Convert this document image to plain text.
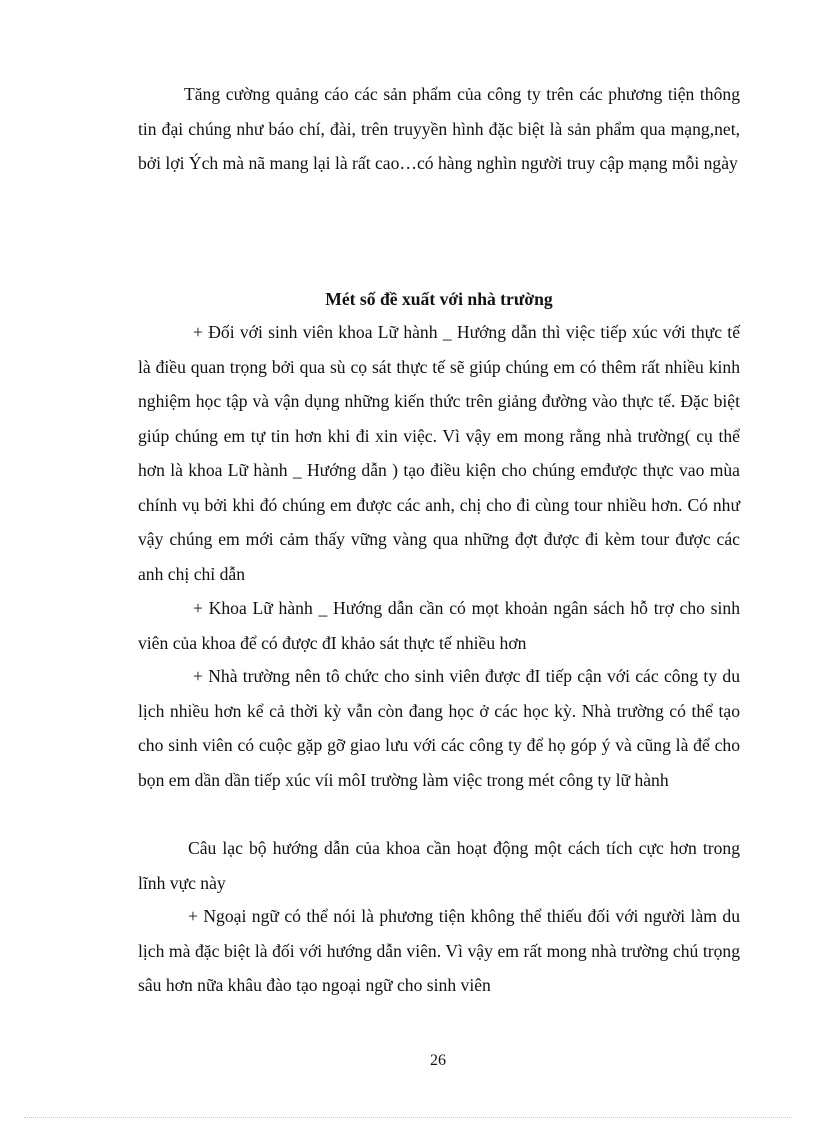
Tăng cường quảng cáo các sản phẩm của công ty trên các phương tiện thông tin đại chúng như báo chí, đài, trên truyyền hình đặc biệt là sản phẩm qua mạng,net, bởi lợi Ých mà nã mang lại là rất cao…có hàng nghìn người truy cập mạng mỗi ngày

Mét số đề xuất với nhà trường

+ Đối với sinh viên khoa Lữ hành _ Hướng dẫn thì việc tiếp xúc với thực tế là điều quan trọng bởi qua sù cọ sát thực tế sẽ giúp chúng em có thêm rất nhiều kinh nghiệm học tập và vận dụng những kiến thức trên giảng đường vào thực tế. Đặc biệt giúp chúng em tự tin hơn khi đi xin việc. Vì vậy em mong rằng nhà trường( cụ thể hơn là khoa Lữ hành _ Hướng dẫn ) tạo điều kiện cho chúng emđược thực vao mùa chính vụ bởi khi đó chúng em được các anh, chị cho đi cùng tour nhiều hơn. Có như vậy chúng em mới cảm thấy vững vàng qua những đợt được đi kèm tour được các anh chị chỉ dẫn

+ Khoa Lữ hành _ Hướng dẫn cần có mọt khoản ngân sách hỗ trợ cho sinh viên của khoa để có được đI khảo sát thực tế nhiều hơn

+ Nhà trường nên tô chức cho sinh viên được đI tiếp cận với các công ty du lịch nhiều hơn kể cả thời kỳ vẫn còn đang học ở các học kỳ. Nhà trường có thể tạo cho sinh viên có cuộc gặp gỡ giao lưu với các công ty để họ góp ý và cũng là để cho bọn em dần dần tiếp xúc víi môI trường làm việc trong mét công ty lữ hành

Câu lạc bộ hướng dẫn của khoa cần hoạt động một cách tích cực hơn trong lĩnh vực này

+ Ngoại ngữ có thể nói là phương tiện không thể thiếu đối với người làm du lịch mà đặc biệt là đối với hướng dẫn viên. Vì vậy em rất mong nhà trường chú trọng sâu hơn nữa khâu đào tạo ngoại ngữ cho sinh viên

26
